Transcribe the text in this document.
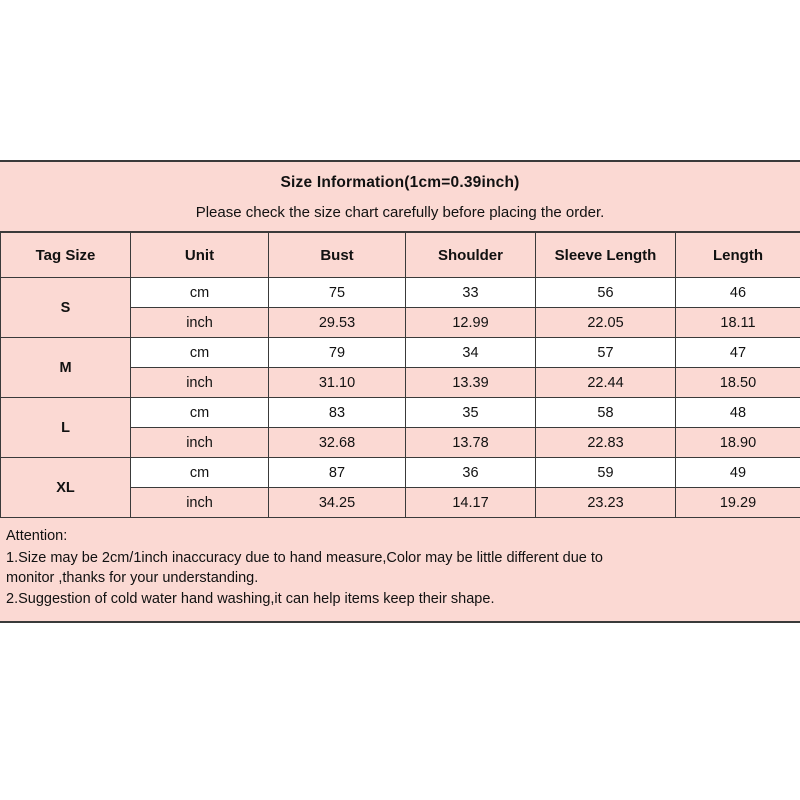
Size Information(1cm=0.39inch)
Please check the size chart carefully before placing the order.
Tag Size	Unit	Bust	Shoulder	Sleeve Length	Length
S	cm	75	33	56	46
	inch	29.53	12.99	22.05	18.11
M	cm	79	34	57	47
	inch	31.10	13.39	22.44	18.50
L	cm	83	35	58	48
	inch	32.68	13.78	22.83	18.90
XL	cm	87	36	59	49
	inch	34.25	14.17	23.23	19.29
Attention:
1.Size may be 2cm/1inch inaccuracy due to hand measure,Color may be little different due to
monitor ,thanks for your understanding.
2.Suggestion of cold water hand washing,it can help items keep their shape.
